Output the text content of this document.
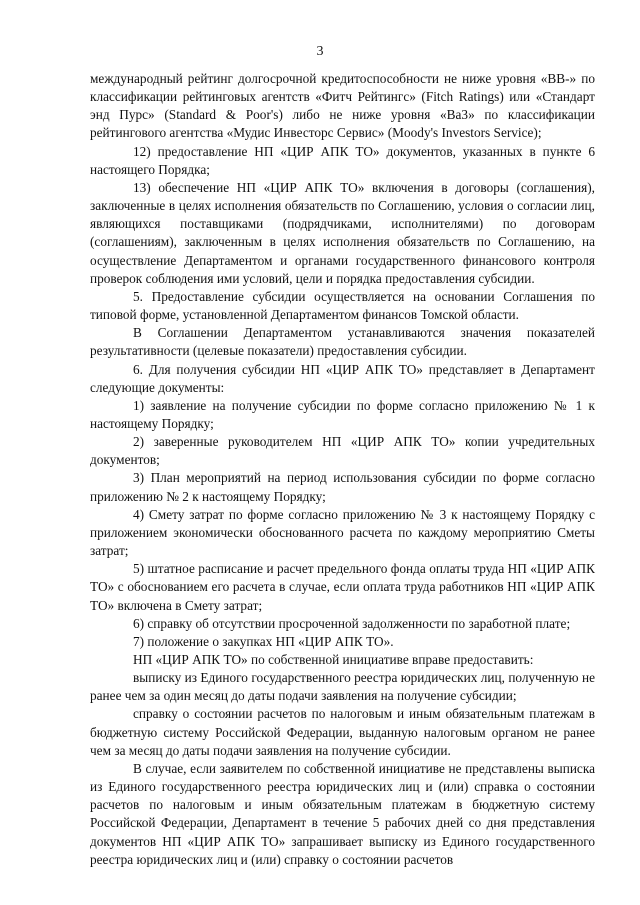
3

международный рейтинг долгосрочной кредитоспособности не ниже уровня «BB-» по классификации рейтинговых агентств «Фитч Рейтингс» (Fitch Ratings) или «Стандарт энд Пурс» (Standard & Poor's) либо не ниже уровня «Ba3» по классификации рейтингового агентства «Мудис Инвесторс Сервис» (Moody's Investors Service);

12) предоставление НП «ЦИР АПК ТО» документов, указанных в пункте 6 настоящего Порядка;

13) обеспечение НП «ЦИР АПК ТО» включения в договоры (соглашения), заключенные в целях исполнения обязательств по Соглашению, условия о согласии лиц, являющихся поставщиками (подрядчиками, исполнителями) по договорам (соглашениям), заключенным в целях исполнения обязательств по Соглашению, на осуществление Департаментом и органами государственного финансового контроля проверок соблюдения ими условий, цели и порядка предоставления субсидии.

5. Предоставление субсидии осуществляется на основании Соглашения по типовой форме, установленной Департаментом финансов Томской области.

В Соглашении Департаментом устанавливаются значения показателей результативности (целевые показатели) предоставления субсидии.

6. Для получения субсидии НП «ЦИР АПК ТО» представляет в Департамент следующие документы:

1) заявление на получение субсидии по форме согласно приложению № 1 к настоящему Порядку;

2) заверенные руководителем НП «ЦИР АПК ТО» копии учредительных документов;

3) План мероприятий на период использования субсидии по форме согласно приложению № 2 к настоящему Порядку;

4) Смету затрат по форме согласно приложению № 3 к настоящему Порядку с приложением экономически обоснованного расчета по каждому мероприятию Сметы затрат;

5) штатное расписание и расчет предельного фонда оплаты труда НП «ЦИР АПК ТО» с обоснованием его расчета в случае, если оплата труда работников НП «ЦИР АПК ТО» включена в Смету затрат;

6) справку об отсутствии просроченной задолженности по заработной плате;

7) положение о закупках НП «ЦИР АПК ТО».

НП «ЦИР АПК ТО» по собственной инициативе вправе предоставить:

выписку из Единого государственного реестра юридических лиц, полученную не ранее чем за один месяц до даты подачи заявления на получение субсидии;

справку о состоянии расчетов по налоговым и иным обязательным платежам в бюджетную систему Российской Федерации, выданную налоговым органом не ранее чем за месяц до даты подачи заявления на получение субсидии.

В случае, если заявителем по собственной инициативе не представлены выписка из Единого государственного реестра юридических лиц и (или) справка о состоянии расчетов по налоговым и иным обязательным платежам в бюджетную систему Российской Федерации, Департамент в течение 5 рабочих дней со дня представления документов НП «ЦИР АПК ТО» запрашивает выписку из Единого государственного реестра юридических лиц и (или) справку о состоянии расчетов
